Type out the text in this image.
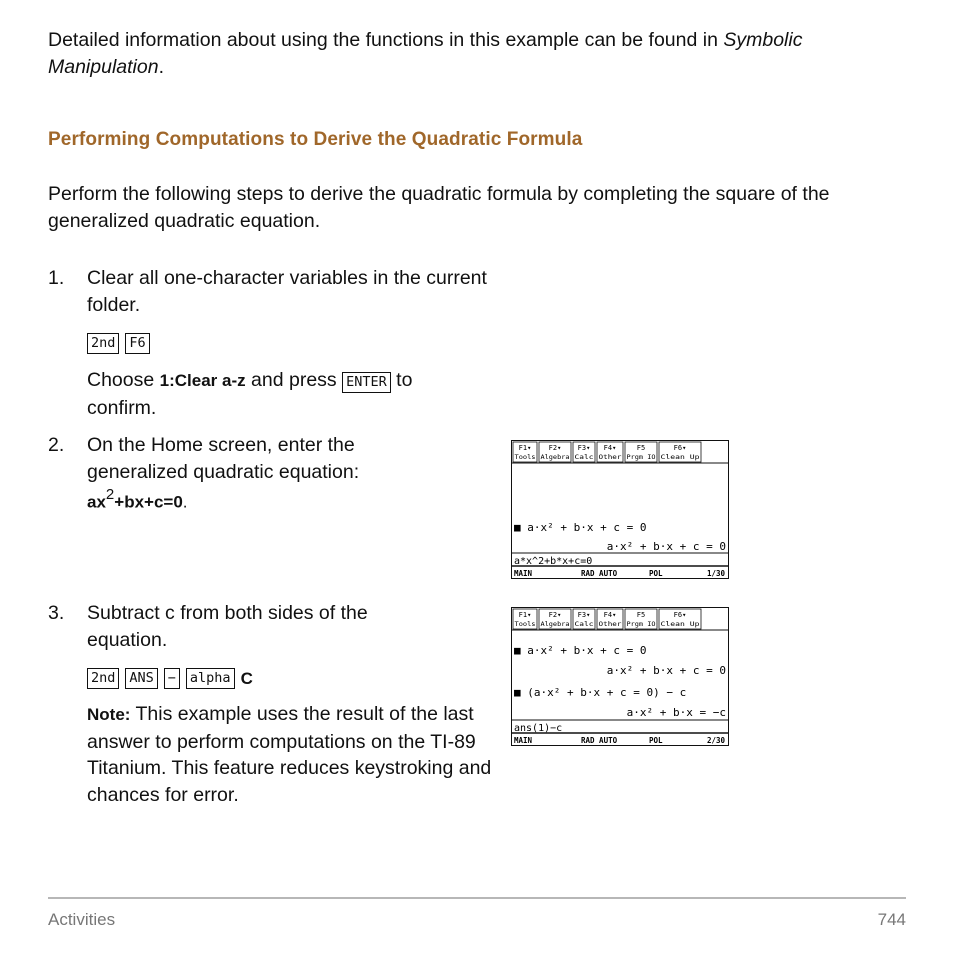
Detailed information about using the functions in this example can be found in Symbolic Manipulation.
Performing Computations to Derive the Quadratic Formula
Perform the following steps to derive the quadratic formula by completing the square of the generalized quadratic equation.
1. Clear all one-character variables in the current folder.
2nd F6
Choose 1:Clear a-z and press ENTER to confirm.
2. On the Home screen, enter the generalized quadratic equation:
$ax^2+bx+c=0$.
3. Subtract c from both sides of the equation.
2nd ANS − alpha C
Note: This example uses the result of the last answer to perform computations on the TI-89 Titanium. This feature reduces keystroking and chances for error.
F1▾
Tools
F2▾
Algebra
F3▾
Calc
F4▾
Other
F5
Prgm IO
F6▾
Clean Up
■ a·x² + b·x + c = 0
a·x² + b·x + c = 0
a*x^2+b*x+c=0
MAIN	RAD AUTO	POL	1/30
F1▾
Tools
F2▾
Algebra
F3▾
Calc
F4▾
Other
F5
Prgm IO
F6▾
Clean Up
■ a·x² + b·x + c = 0
a·x² + b·x + c = 0
■ (a·x² + b·x + c = 0) − c
a·x² + b·x = −c
ans(1)−c
MAIN	RAD AUTO	POL	2/30
Activities	744
